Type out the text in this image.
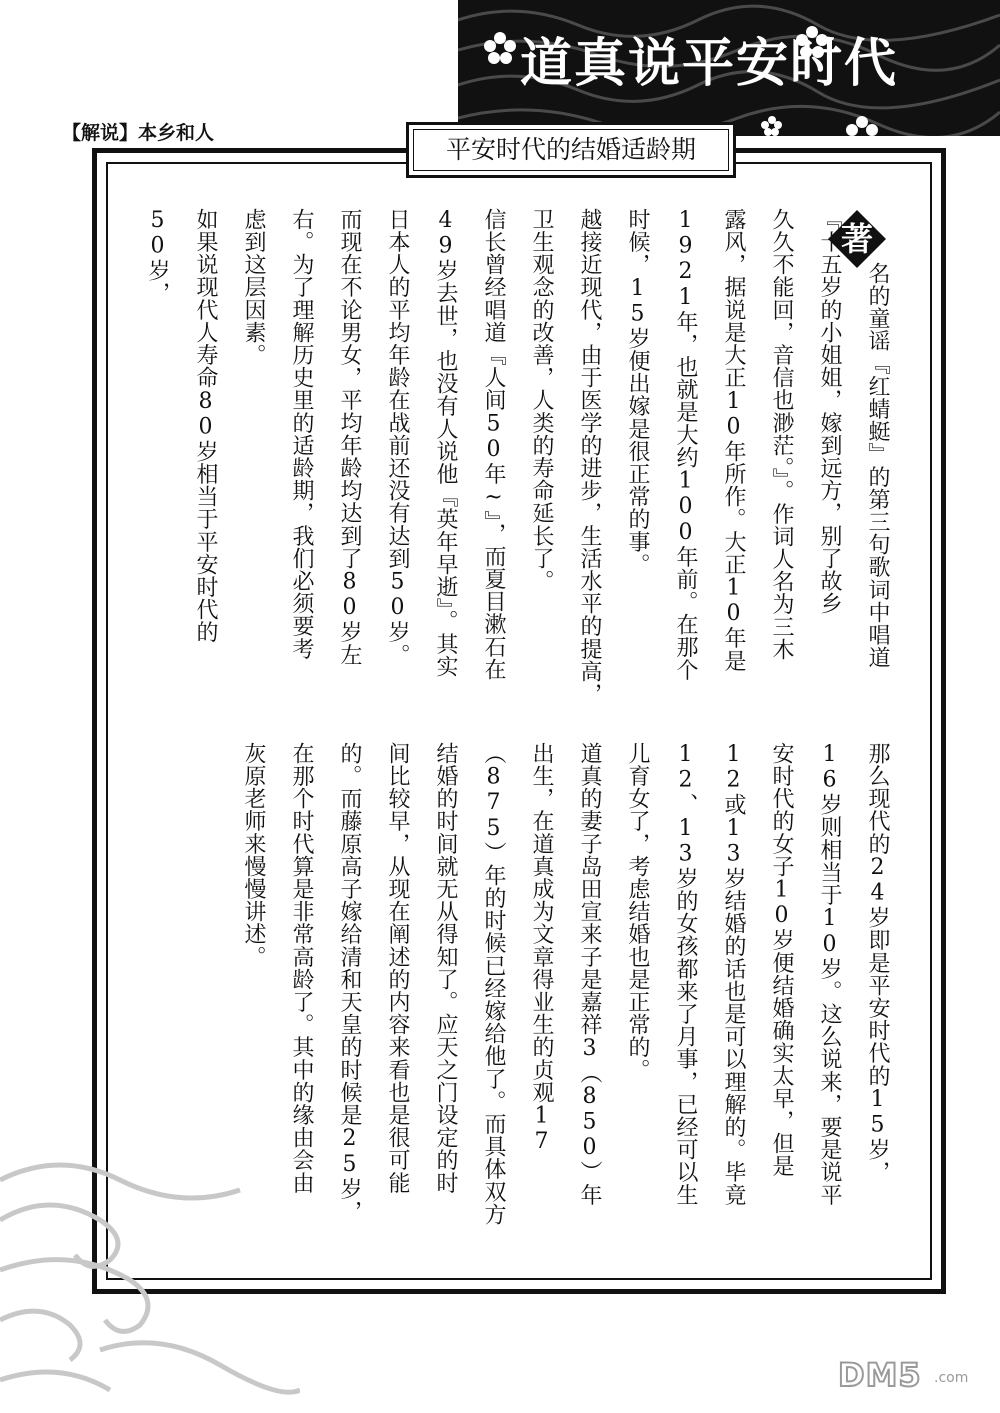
道真说平安时代
【解说】本乡和人
平安时代的结婚适龄期
著
名的童谣『红蜻蜓』的第三句歌词中唱道
『十五岁的小姐姐，嫁到远方，别了故乡
久久不能回，音信也渺茫。』。作词人名为三木
露风，据说是大正10年所作。大正10年是
1921年，也就是大约100年前。在那个
时候，15岁便出嫁是很正常的事。
越接近现代，由于医学的进步，生活水平的提高，
卫生观念的改善，人类的寿命延长了。
信长曾经唱道『人间50年~』，而夏目漱石在
49岁去世，也没有人说他『英年早逝』。其实
日本人的平均年龄在战前还没有达到50岁。
而现在不论男女，平均年龄均达到了80岁左
右。为了理解历史里的适龄期，我们必须要考
虑到这层因素。
如果说现代人寿命80岁相当于平安时代的
50岁，
那么现代的24岁即是平安时代的15岁，
16岁则相当于10岁。这么说来，要是说平
安时代的女子10岁便结婚确实太早，但是
12或13岁结婚的话也是可以理解的。毕竟
12、13岁的女孩都来了月事，已经可以生
儿育女了，考虑结婚也是正常的。
道真的妻子岛田宣来子是嘉祥3（850）年
出生，在道真成为文章得业生的贞观17
（875）年的时候已经嫁给他了。而具体双方
结婚的时间就无从得知了。应天之门设定的时
间比较早，从现在阐述的内容来看也是很可能
的。而藤原高子嫁给清和天皇的时候是25岁，
在那个时代算是非常高龄了。其中的缘由会由
灰原老师来慢慢讲述。
DM5 .com
